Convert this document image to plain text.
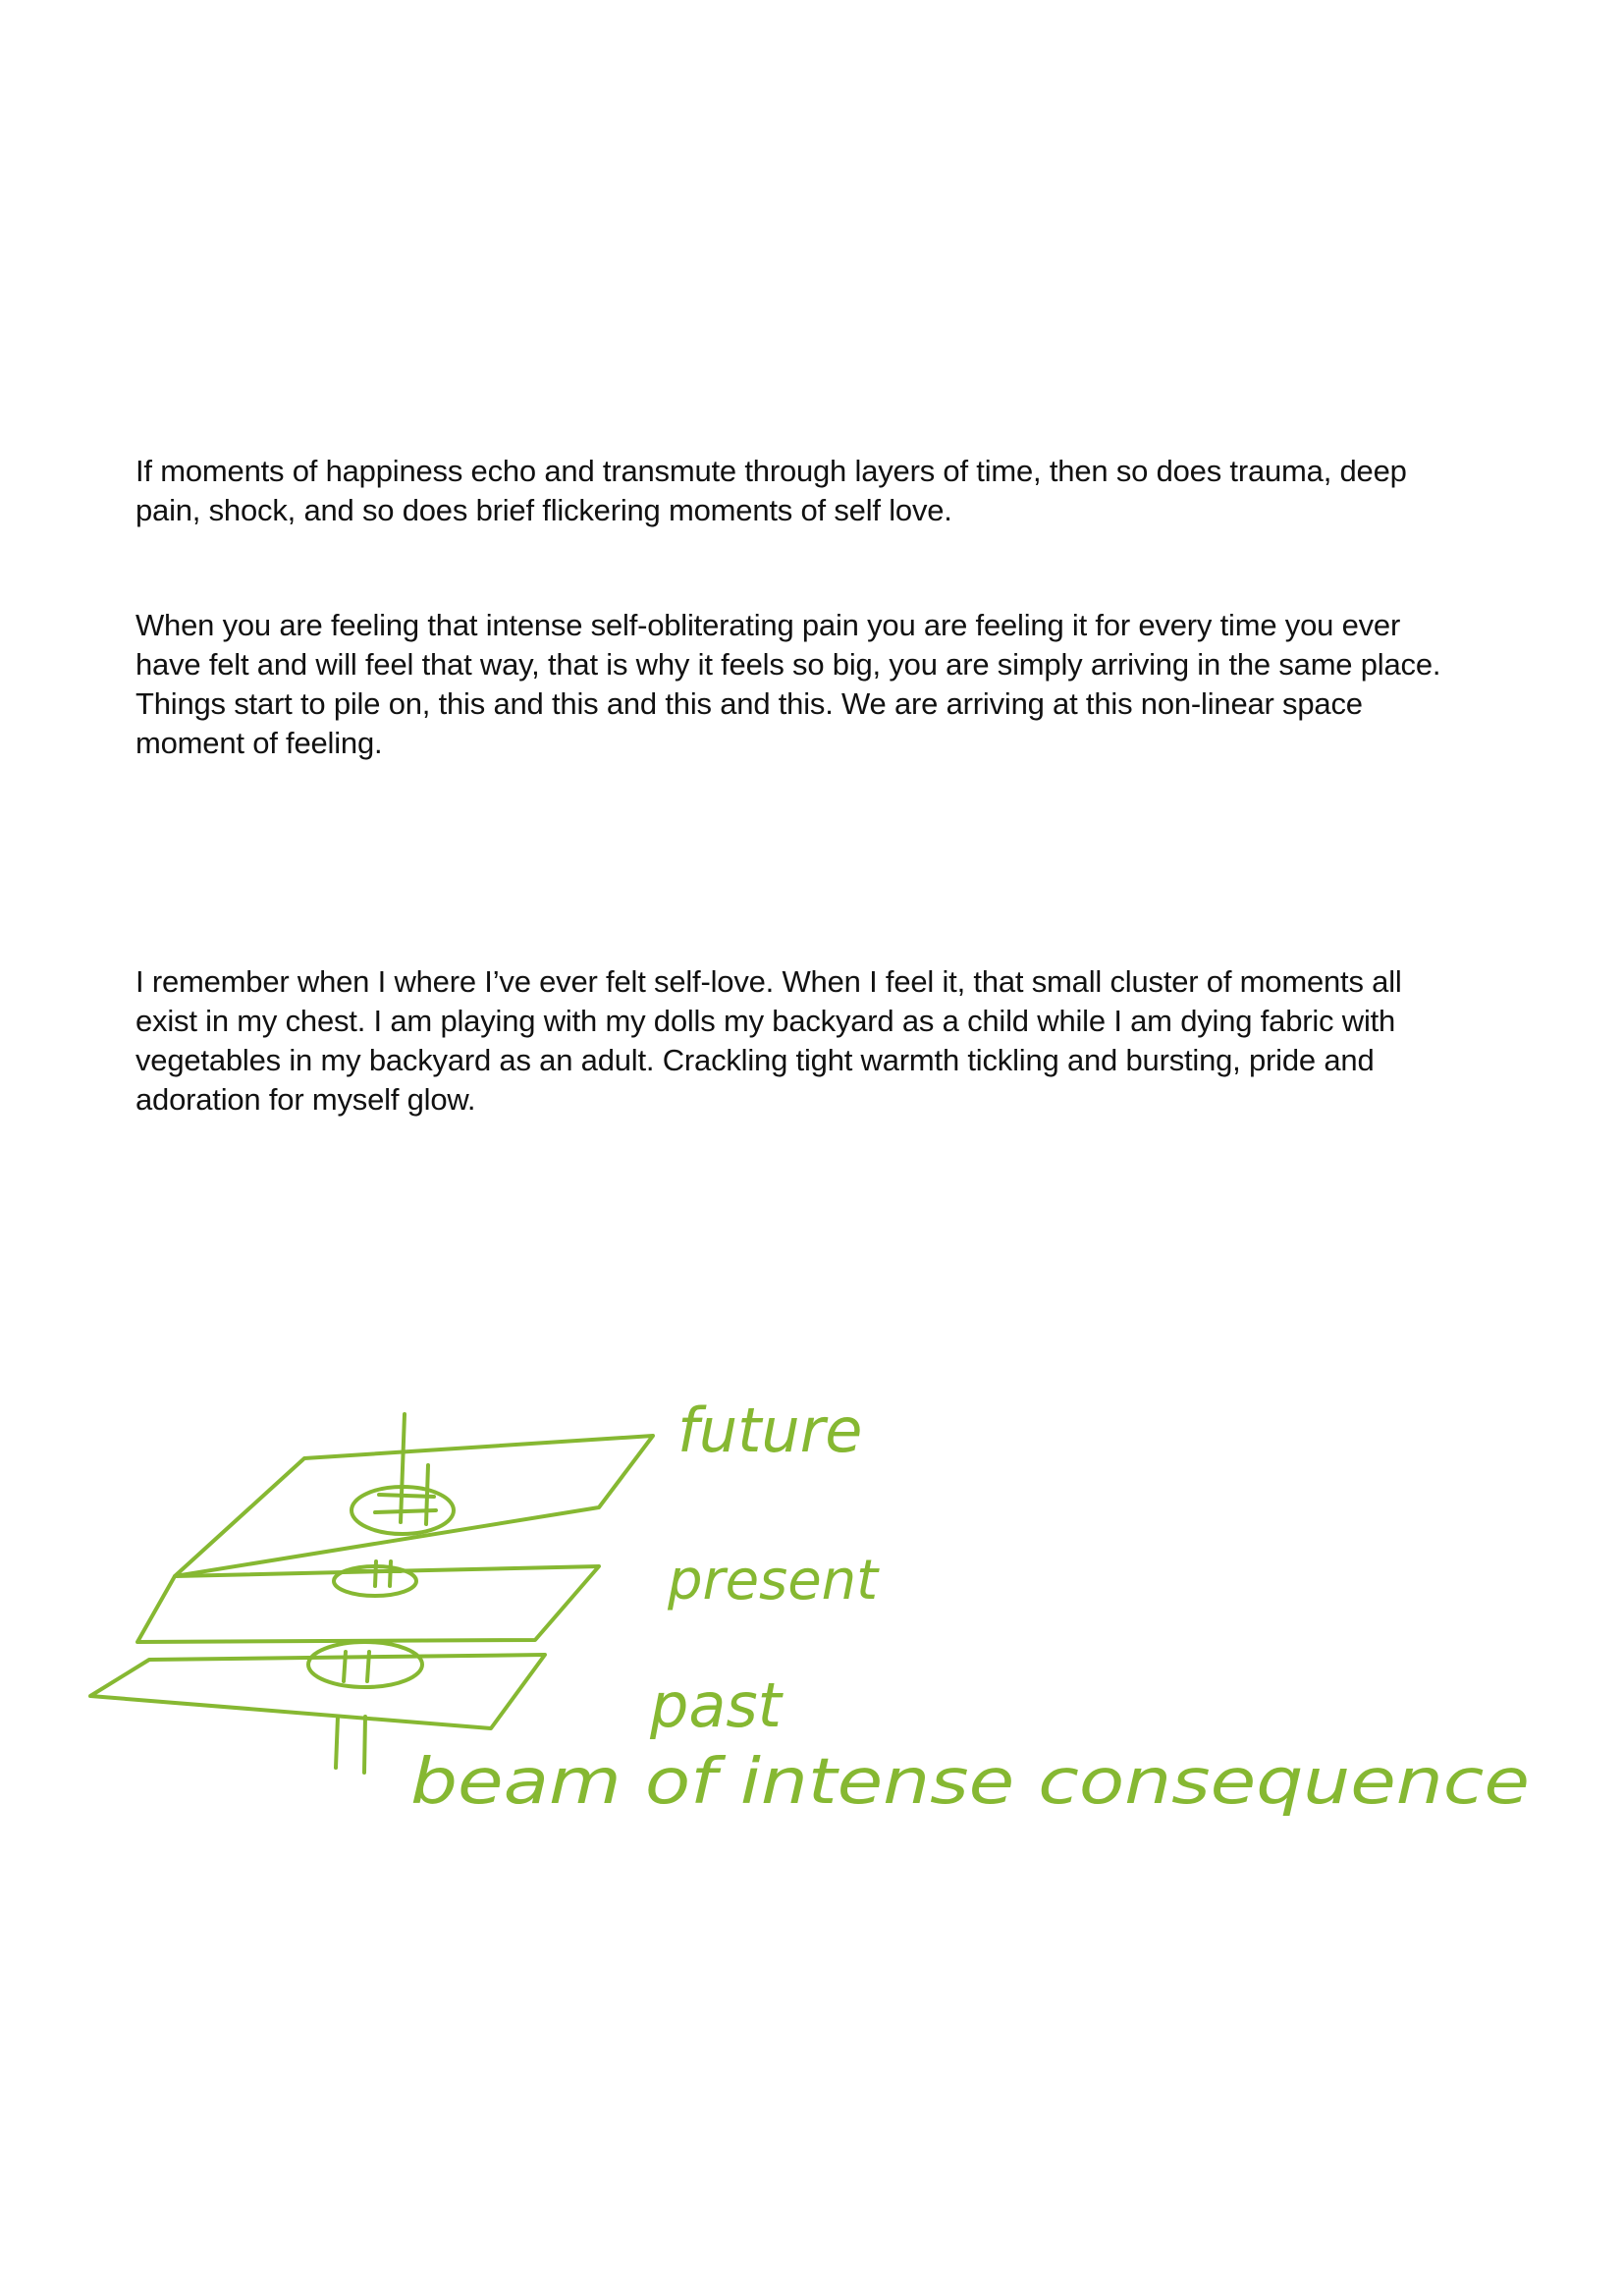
If moments of happiness echo and transmute through layers of time, then so does trauma, deep
pain, shock, and so does brief flickering moments of self love.

When you are feeling that intense self-obliterating pain you are feeling it for every time you ever
have felt and will feel that way, that is why it feels so big, you are simply arriving in the same place.
Things start to pile on, this and this and this and this. We are arriving at this non-linear space
moment of feeling.

I remember when I where I’ve ever felt self-love. When I feel it, that small cluster of moments all
exist in my chest. I am playing with my dolls my backyard as a child while I am dying fabric with
vegetables in my backyard as an adult. Crackling tight warmth tickling and bursting, pride and
adoration for myself glow.

future
present
past
beam of intense consequence
